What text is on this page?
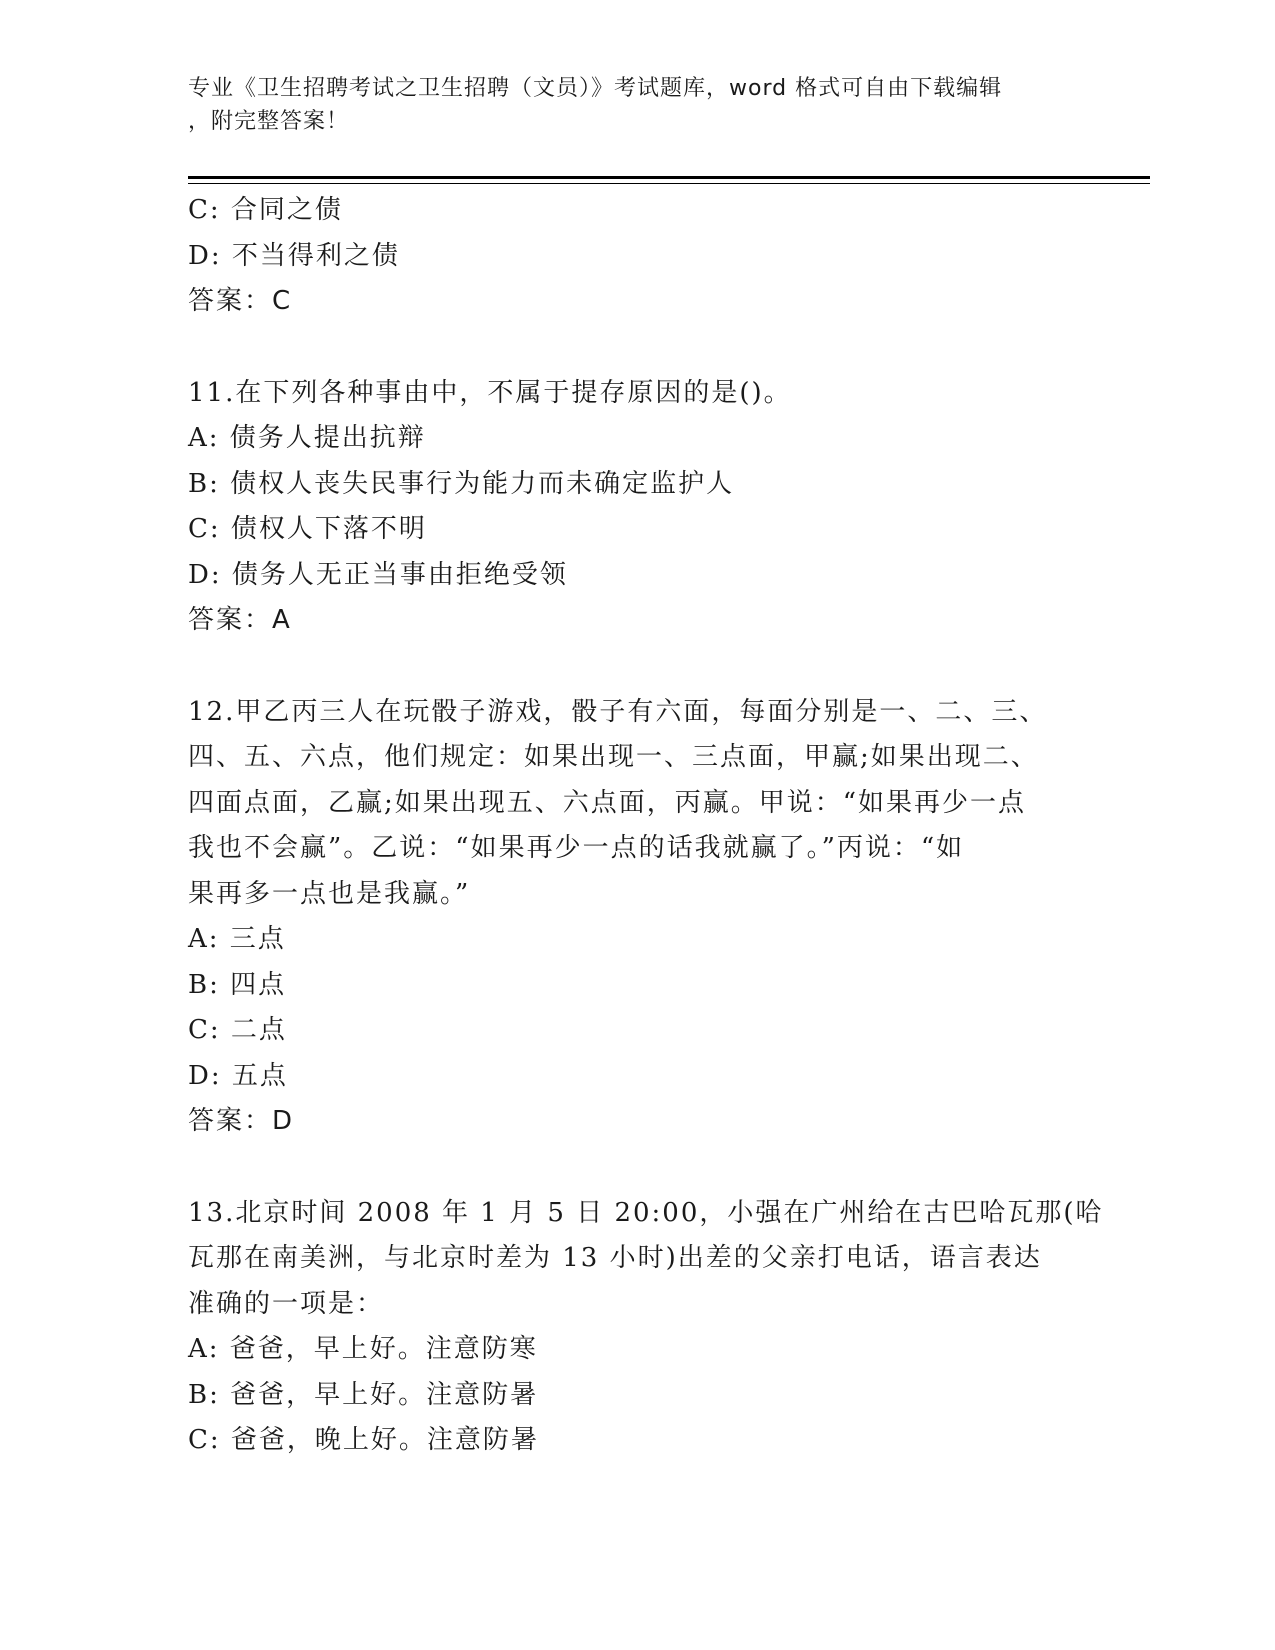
专业《卫生招聘考试之卫生招聘（文员）》考试题库，word 格式可自由下载编辑
，附完整答案！

C: 合同之债

D: 不当得利之债

答案：C

11.在下列各种事由中，不属于提存原因的是()。

A: 债务人提出抗辩

B: 债权人丧失民事行为能力而未确定监护人

C: 债权人下落不明

D: 债务人无正当事由拒绝受领

答案：A

12.甲乙丙三人在玩骰子游戏，骰子有六面，每面分别是一、二、三、

四、五、六点，他们规定：如果出现一、三点面，甲赢;如果出现二、

四面点面，乙赢;如果出现五、六点面，丙赢。甲说：“如果再少一点

我也不会赢”。乙说：“如果再少一点的话我就赢了。”丙说：“如

果再多一点也是我赢。”

A: 三点

B: 四点

C: 二点

D: 五点

答案：D

13.北京时间 2008 年 1 月 5 日 20:00，小强在广州给在古巴哈瓦那(哈

瓦那在南美洲，与北京时差为 13 小时)出差的父亲打电话，语言表达

准确的一项是：

A: 爸爸，早上好。注意防寒

B: 爸爸，早上好。注意防暑

C: 爸爸，晚上好。注意防暑
